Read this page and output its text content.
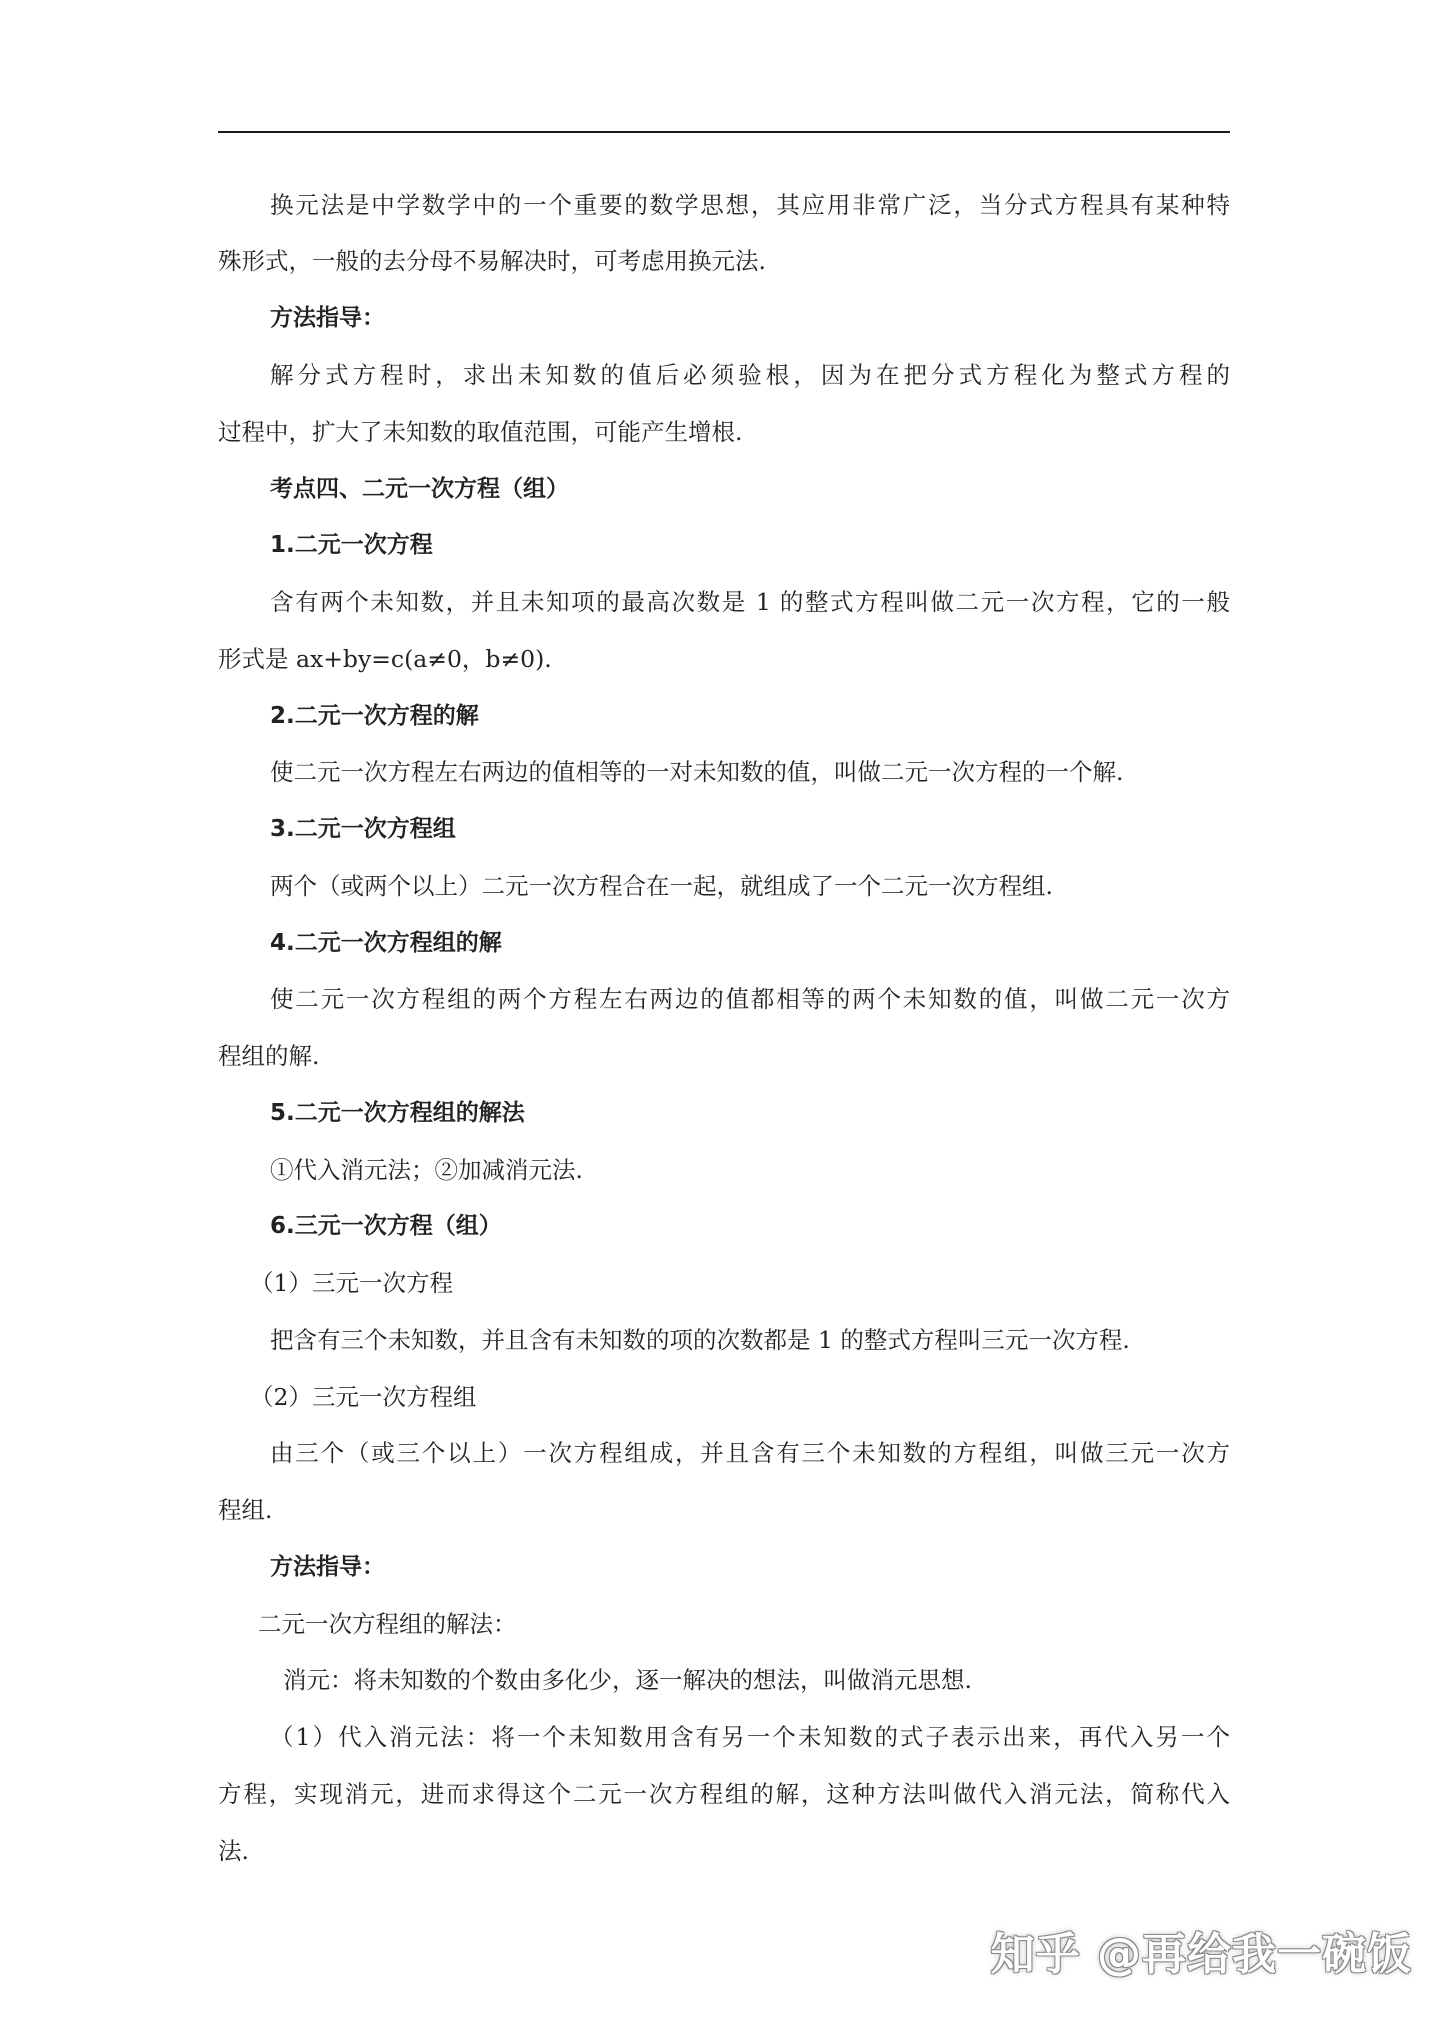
换元法是中学数学中的一个重要的数学思想，其应用非常广泛，当分式方程具有某种特

殊形式，一般的去分母不易解决时，可考虑用换元法.

方法指导：

解分式方程时，求出未知数的值后必须验根，因为在把分式方程化为整式方程的

过程中，扩大了未知数的取值范围，可能产生增根.

考点四、二元一次方程（组）

1.二元一次方程

含有两个未知数，并且未知项的最高次数是 1 的整式方程叫做二元一次方程，它的一般

形式是 ax+by=c(a≠0，b≠0).

2.二元一次方程的解

使二元一次方程左右两边的值相等的一对未知数的值，叫做二元一次方程的一个解.

3.二元一次方程组

两个（或两个以上）二元一次方程合在一起，就组成了一个二元一次方程组.

4.二元一次方程组的解

使二元一次方程组的两个方程左右两边的值都相等的两个未知数的值，叫做二元一次方

程组的解.

5.二元一次方程组的解法

①代入消元法；②加减消元法.

6.三元一次方程（组）

（1）三元一次方程

把含有三个未知数，并且含有未知数的项的次数都是 1 的整式方程叫三元一次方程.

（2）三元一次方程组

由三个（或三个以上）一次方程组成，并且含有三个未知数的方程组，叫做三元一次方

程组.

方法指导：

二元一次方程组的解法：

消元：将未知数的个数由多化少，逐一解决的想法，叫做消元思想.

（1）代入消元法：将一个未知数用含有另一个未知数的式子表示出来，再代入另一个

方程，实现消元，进而求得这个二元一次方程组的解，这种方法叫做代入消元法，简称代入

法.

知乎 @再给我一碗饭
